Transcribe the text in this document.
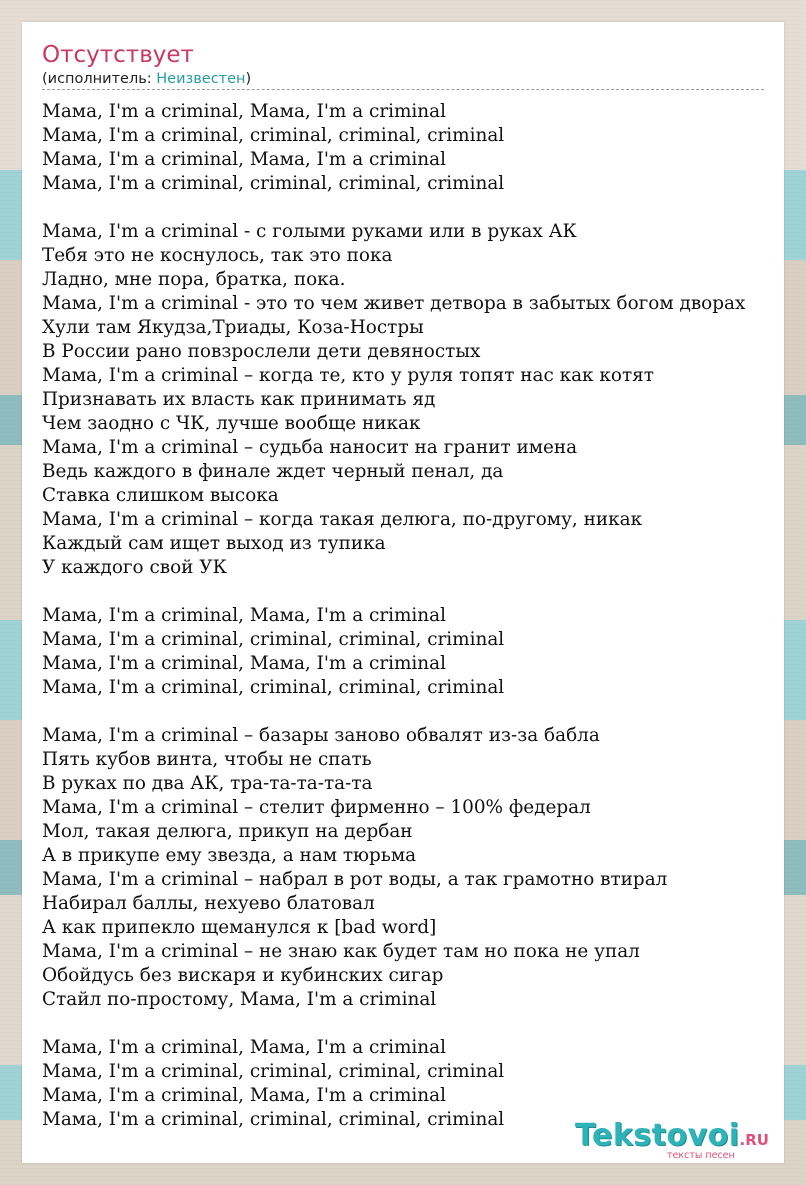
Отсутствует
(исполнитель: Неизвестен)
Мама, I'm a criminal, Мама, I'm a criminal
Мама, I'm a criminal, criminal, criminal, criminal
Мама, I'm a criminal, Мама, I'm a criminal
Мама, I'm a criminal, criminal, criminal, criminal
Мама, I'm a criminal - с голыми руками или в руках АК
Тебя это не коснулось, так это пока
Ладно, мне пора, братка, пока.
Мама, I'm a criminal - это то чем живет детвора в забытых богом дворах
Хули там Якудза,Триады, Коза-Ностры
В России рано повзрослели дети девяностых
Мама, I'm a criminal – когда те, кто у руля топят нас как котят
Признавать их власть как принимать яд
Чем заодно с ЧК, лучше вообще никак
Мама, I'm a criminal – судьба наносит на гранит имена
Ведь каждого в финале ждет черный пенал, да
Ставка слишком высока
Мама, I'm a criminal – когда такая делюга, по-другому, никак
Каждый сам ищет выход из тупика
У каждого свой УК
Мама, I'm a criminal, Мама, I'm a criminal
Мама, I'm a criminal, criminal, criminal, criminal
Мама, I'm a criminal, Мама, I'm a criminal
Мама, I'm a criminal, criminal, criminal, criminal
Мама, I'm a criminal – базары заново обвалят из-за бабла
Пять кубов винта, чтобы не спать
В руках по два АК, тра-та-та-та-та
Мама, I'm a criminal – стелит фирменно – 100% федерал
Мол, такая делюга, прикуп на дербан
А в прикупе ему звезда, а нам тюрьма
Мама, I'm a criminal – набрал в рот воды, а так грамотно втирал
Набирал баллы, нехуево блатовал
А как припекло щеманулся к [bad word]
Мама, I'm a criminal – не знаю как будет там но пока не упал
Обойдусь без вискаря и кубинских сигар
Стайл по-простому, Мама, I'm a criminal
Мама, I'm a criminal, Мама, I'm a criminal
Мама, I'm a criminal, criminal, criminal, criminal
Мама, I'm a criminal, Мама, I'm a criminal
Мама, I'm a criminal, criminal, criminal, criminal	Tekstovoi.RU
тексты песен
